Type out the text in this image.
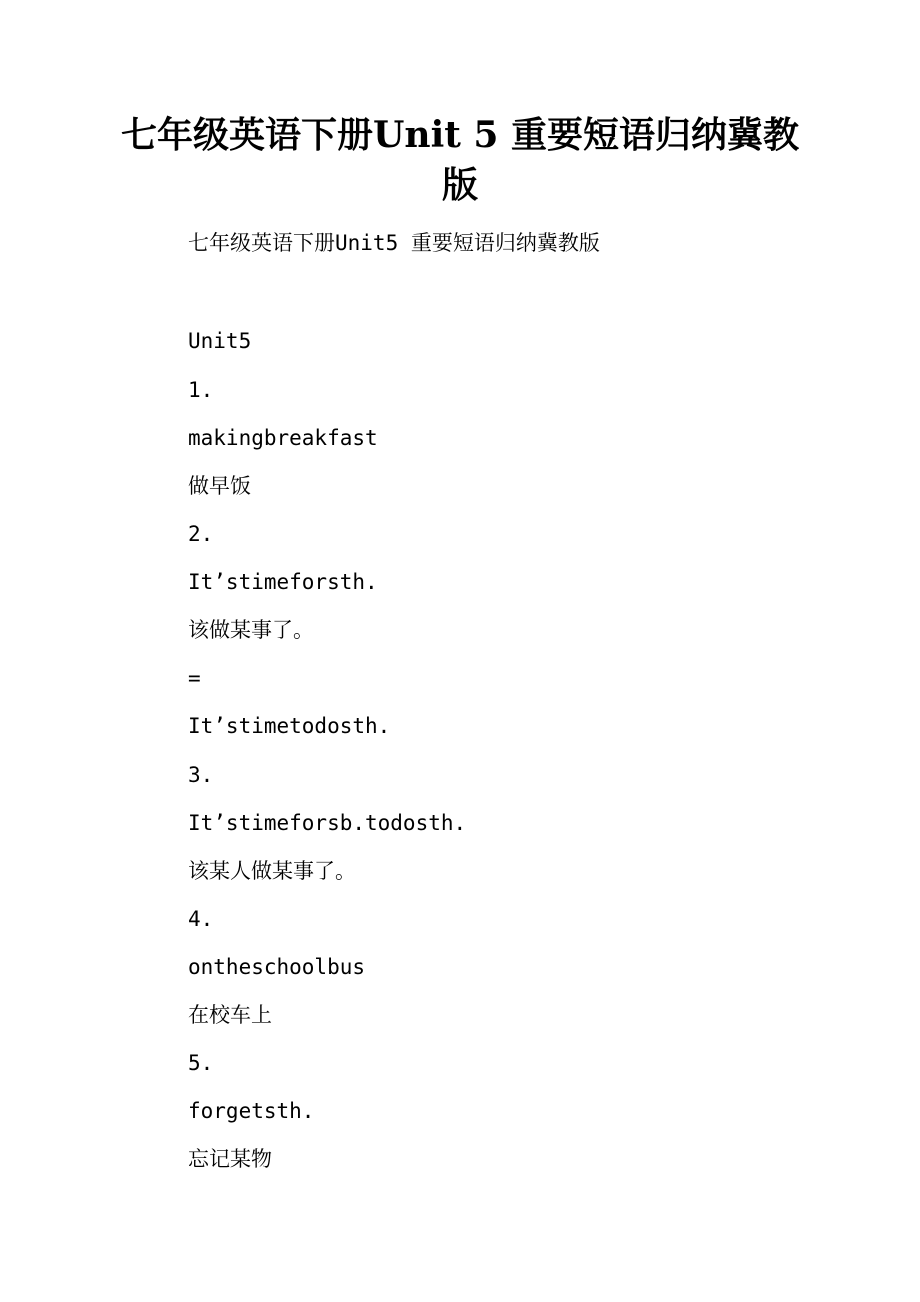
七年级英语下册Unit 5 重要短语归纳冀教版

七年级英语下册Unit5 重要短语归纳冀教版

Unit5

1.

makingbreakfast

做早饭

2.

It’stimeforsth.

该做某事了。

=

It’stimetodosth.

3.

It’stimeforsb.todosth.

该某人做某事了。

4.

ontheschoolbus

在校车上

5.

forgetsth.

忘记某物
